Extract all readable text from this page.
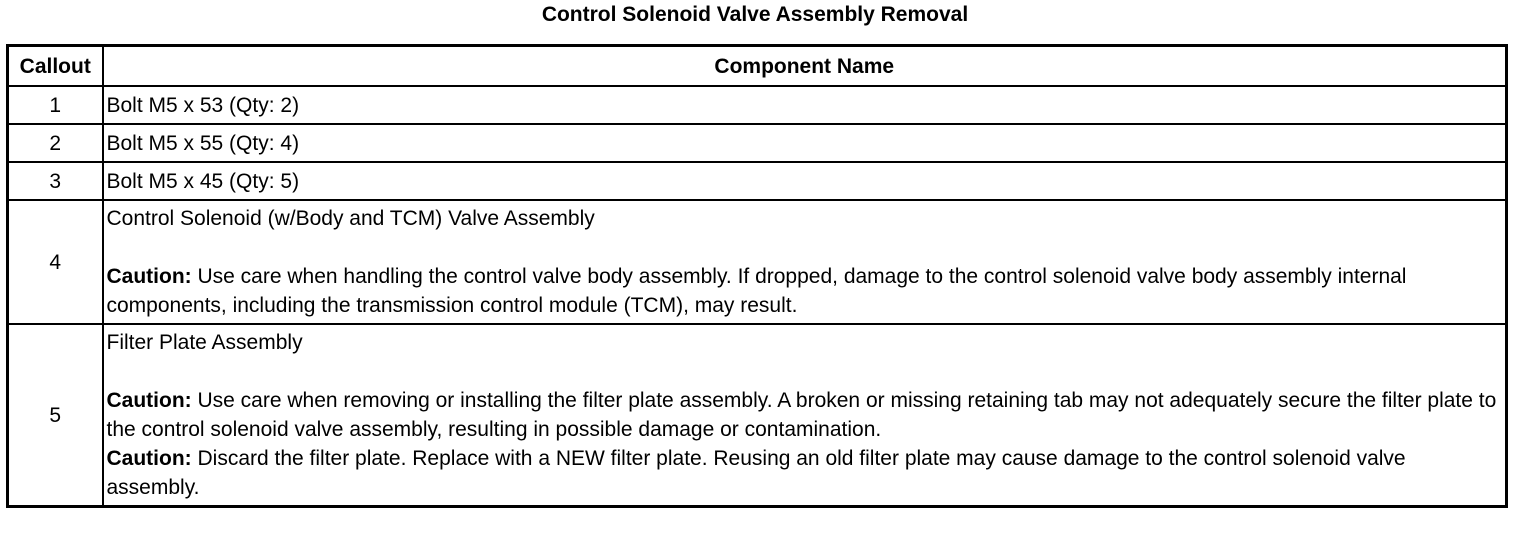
Control Solenoid Valve Assembly Removal
Callout	Component Name
1	Bolt M5 x 53 (Qty: 2)
2	Bolt M5 x 55 (Qty: 4)
3	Bolt M5 x 45 (Qty: 5)
4	Control Solenoid (w/Body and TCM) Valve Assembly
Caution: Use care when handling the control valve body assembly. If dropped, damage to the control solenoid valve body assembly internal components, including the transmission control module (TCM), may result.

5	Filter Plate Assembly
Caution: Use care when removing or installing the filter plate assembly. A broken or missing retaining tab may not adequately secure the filter plate to the control solenoid valve assembly, resulting in possible damage or contamination.
Caution: Discard the filter plate. Replace with a NEW filter plate. Reusing an old filter plate may cause damage to the control solenoid valve assembly.
